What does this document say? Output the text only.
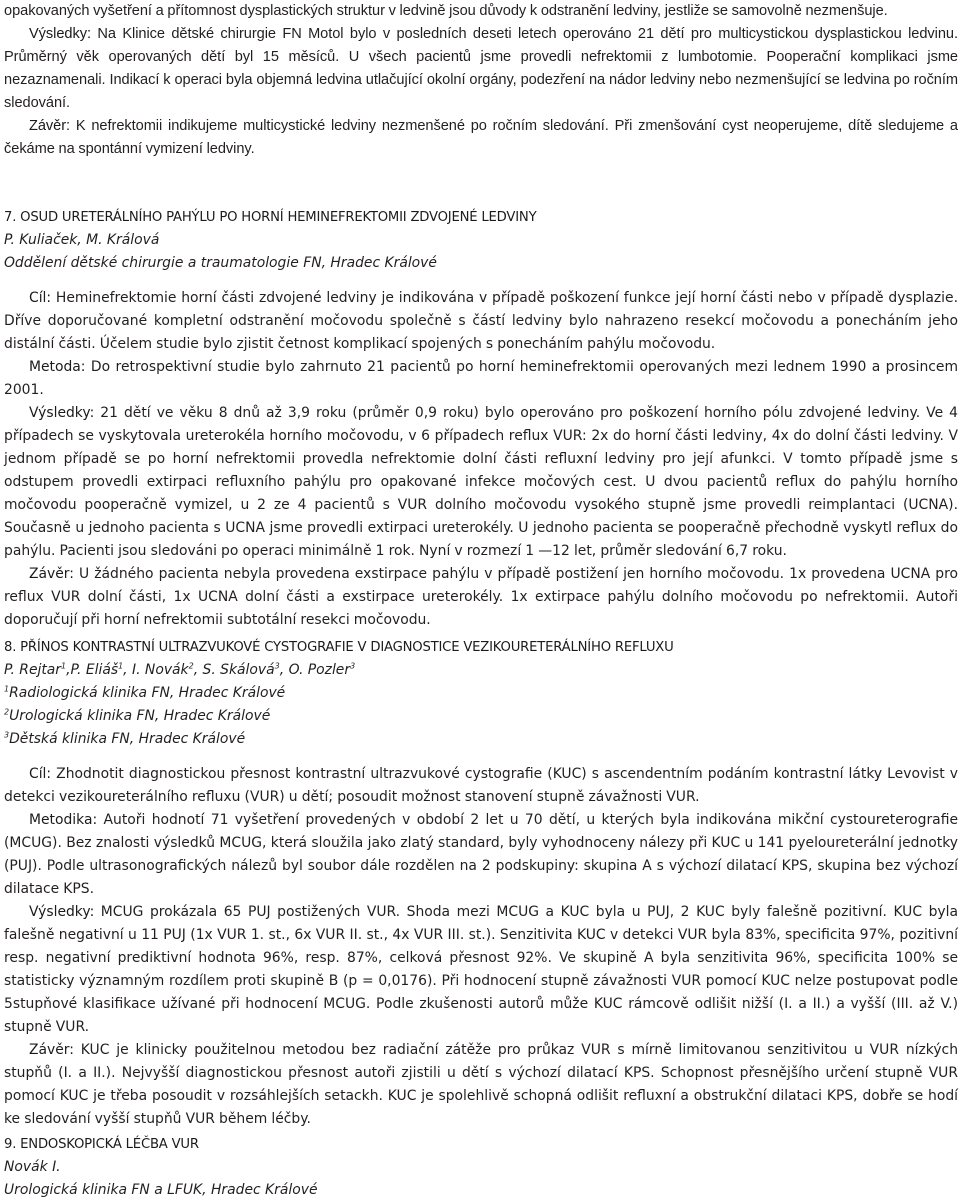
opakovaných vyšetření a přítomnost dysplastických struktur v ledvině jsou důvody k odstranění ledviny, jestliže se samovolně nezmenšuje.

Výsledky: Na Klinice dětské chirurgie FN Motol bylo v posledních deseti letech operováno 21 dětí pro multicystickou dysplastickou ledvinu. Průměrný věk operovaných dětí byl 15 měsíců. U všech pacientů jsme provedli nefrektomii z lumbotomie. Pooperační komplikaci jsme nezaznamenali. Indikací k operaci byla objemná ledvina utlačující okolní orgány, podezření na nádor ledviny nebo nezmenšující se ledvina po ročním sledování.

Závěr: K nefrektomii indikujeme multicystické ledviny nezmenšené po ročním sledování. Při zmenšování cyst neoperujeme, dítě sledujeme a čekáme na spontánní vymizení ledviny.

7. OSUD URETERÁLNÍHO PAHÝLU PO HORNÍ HEMINEFREKTOMII ZDVOJENÉ LEDVINY

P. Kuliaček, M. Králová

Oddělení dětské chirurgie a traumatologie FN, Hradec Králové

Cíl: Heminefrektomie horní části zdvojené ledviny je indikována v případě poškození funkce její horní části nebo v případě dysplazie. Dříve doporučované kompletní odstranění močovodu společně s částí ledviny bylo nahrazeno resekcí močovodu a ponecháním jeho distální části. Účelem studie bylo zjistit četnost komplikací spojených s ponecháním pahýlu močovodu.

Metoda: Do retrospektivní studie bylo zahrnuto 21 pacientů po horní heminefrektomii operovaných mezi lednem 1990 a prosincem 2001.

Výsledky: 21 dětí ve věku 8 dnů až 3,9 roku (průměr 0,9 roku) bylo operováno pro poškození horního pólu zdvojené ledviny. Ve 4 případech se vyskytovala ureterokéla horního močovodu, v 6 případech reflux VUR: 2x do horní části ledviny, 4x do dolní části ledviny. V jednom případě se po horní nefrektomii provedla nefrektomie dolní části refluxní ledviny pro její afunkci. V tomto případě jsme s odstupem provedli extirpaci refluxního pahýlu pro opakované infekce močových cest. U dvou pacientů reflux do pahýlu horního močovodu pooperačně vymizel, u 2 ze 4 pacientů s VUR dolního močovodu vysokého stupně jsme provedli reimplantaci (UCNA). Současně u jednoho pacienta s UCNA jsme provedli extirpaci ureterokély. U jednoho pacienta se pooperačně přechodně vyskytl reflux do pahýlu. Pacienti jsou sledováni po operaci minimálně 1 rok. Nyní v rozmezí 1 —12 let, průměr sledování 6,7 roku.

Závěr: U žádného pacienta nebyla provedena exstirpace pahýlu v případě postižení jen horního močovodu. 1x provedena UCNA pro reflux VUR dolní části, 1x UCNA dolní části a exstirpace ureterokély. 1x extirpace pahýlu dolního močovodu po nefrektomii. Autoři doporučují při horní nefrektomii subtotální resekci močovodu.

8. PŘÍNOS KONTRASTNÍ ULTRAZVUKOVÉ CYSTOGRAFIE V DIAGNOSTICE VEZIKOURETERÁLNÍHO REFLUXU

P. Rejtar$^1$,P. Eliáš$^1$, I. Novák$^2$, S. Skálová$^3$, O. Pozler$^3$

$^1$Radiologická klinika FN, Hradec Králové

$^2$Urologická klinika FN, Hradec Králové

$^3$Dětská klinika FN, Hradec Králové

Cíl: Zhodnotit diagnostickou přesnost kontrastní ultrazvukové cystografie (KUC) s ascendentním podáním kontrastní látky Levovist v detekci vezikoureterálního refluxu (VUR) u dětí; posoudit možnost stanovení stupně závažnosti VUR.

Metodika: Autoři hodnotí 71 vyšetření provedených v období 2 let u 70 dětí, u kterých byla indikována mikční cystoureterografie (MCUG). Bez znalosti výsledků MCUG, která sloužila jako zlatý standard, byly vyhodnoceny nálezy při KUC u 141 pyeloureterální jednotky (PUJ). Podle ultrasonografických nálezů byl soubor dále rozdělen na 2 podskupiny: skupina A s výchozí dilatací KPS, skupina bez výchozí dilatace KPS.

Výsledky: MCUG prokázala 65 PUJ postižených VUR. Shoda mezi MCUG a KUC byla u PUJ, 2 KUC byly falešně pozitivní. KUC byla falešně negativní u 11 PUJ (1x VUR 1. st., 6x VUR II. st., 4x VUR III. st.). Senzitivita KUC v detekci VUR byla 83%, specificita 97%, pozitivní resp. negativní prediktivní hodnota 96%, resp. 87%, celková přesnost 92%. Ve skupině A byla senzitivita 96%, specificita 100% se statisticky významným rozdílem proti skupině B (p = 0,0176). Při hodnocení stupně závažnosti VUR pomocí KUC nelze postupovat podle 5stupňové klasifikace užívané při hodnocení MCUG. Podle zkušenosti autorů může KUC rámcově odlišit nižší (I. a II.) a vyšší (III. až V.) stupně VUR.

Závěr: KUC je klinicky použitelnou metodou bez radiační zátěže pro průkaz VUR s mírně limitovanou senzitivitou u VUR nízkých stupňů (I. a II.). Nejvyšší diagnostickou přesnost autoři zjistili u dětí s výchozí dilatací KPS. Schopnost přesnějšího určení stupně VUR pomocí KUC je třeba posoudit v rozsáhlejších setackh. KUC je spolehlivě schopná odlišit refluxní a obstrukční dilataci KPS, dobře se hodí ke sledování vyšší stupňů VUR během léčby.

9. ENDOSKOPICKÁ LÉČBA VUR

Novák I.

Urologická klinika FN a LFUK, Hradec Králové
